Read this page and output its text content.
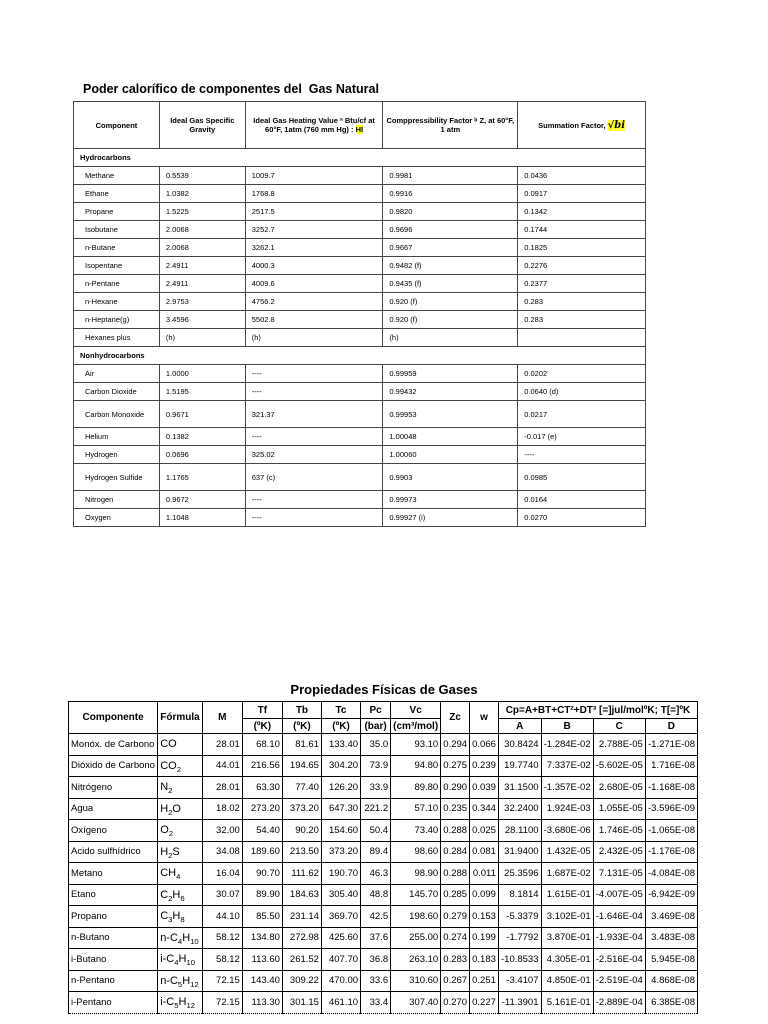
Poder calorífico de componentes del  Gas Natural
Component	Ideal Gas Specific Gravity	Ideal Gas Heating Value ª Btu/cf at 60°F, 1atm (760 mm Hg) : HI	Comppressibility Factor ᵇ Z, at 60°F, 1 atm	Summation Factor, √bi
Hydrocarbons				
Methane	0.5539	1009.7	0.9981	0.0436
Ethane	1.0382	1768.8	0.9916	0.0917
Propane	1.5225	2517.5	0.9820	0.1342
Isobutane	2.0068	3252.7	0.9696	0.1744
n-Butane	2.0068	3262.1	0.9667	0.1825
Isopentane	2.4911	4000.3	0.9482 (f)	0.2276
n-Pentane	2.4911	4009.6	0.9435 (f)	0.2377
n-Hexane	2.9753	4756.2	0.920 (f)	0.283
n-Heptane(g)	3.4596	5502.8	0.920 (f)	0.283
Hexanes plus	(h)	(h)	(h)	
Nonhydrocarbons				
Air	1.0000	----	0.99959	0.0202
Carbon Dioxide	1.5195	----	0.99432	0.0640 (d)
Carbon Monoxide	0.9671	321.37	0.99953	0.0217
Helium	0.1382	----	1.00048	-0.017 (e)
Hydrogen	0.0696	325.02	1.00060	----
Hydrogen Sulfide	1.1765	637 (c)	0.9903	0.0985
Nitrogen	0.9672	----	0.99973	0.0164
Oxygen	1.1048	----	0.99927 (i)	0.0270
Propiedades Físicas de Gases
Componente	Fórmula	M	Tf	Tb	Tc	Pc	Vc	Zc	w	Cp=A+BT+CT²+DT³ [=]jul/molºK; T[=]ºK			
			(ºK)	(ºK)	(ºK)	(bar)	(cm³/mol)			A	B	C	D
Monóx. de Carbono	CO	28.01	68.10	81.61	133.40	35.0	93.10	0.294	0.066	30.8424	-1.284E-02	2.788E-05	-1.271E-08
Dióxido de Carbono	$CO_2$	44.01	216.56	194.65	304.20	73.9	94.80	0.275	0.239	19.7740	7.337E-02	-5.602E-05	1.716E-08
Nitrógeno	$N_2$	28.01	63.30	77.40	126.20	33.9	89.80	0.290	0.039	31.1500	-1.357E-02	2.680E-05	-1.168E-08
Agua	$H_2O$	18.02	273.20	373.20	647.30	221.2	57.10	0.235	0.344	32.2400	1.924E-03	1.055E-05	-3.596E-09
Oxígeno	$O_2$	32.00	54.40	90.20	154.60	50.4	73.40	0.288	0.025	28.1100	-3.680E-06	1.746E-05	-1.065E-08
Acido sulfhídrico	$H_2S$	34.08	189.60	213.50	373.20	89.4	98.60	0.284	0.081	31.9400	1.432E-05	2.432E-05	-1.176E-08
Metano	$CH_4$	16.04	90.70	111.62	190.70	46.3	98.90	0.288	0.011	25.3596	1.687E-02	7.131E-05	-4.084E-08
Etano	$C_2H_6$	30.07	89.90	184.63	305.40	48.8	145.70	0.285	0.099	8.1814	1.615E-01	-4.007E-05	-6.942E-09
Propano	$C_3H_8$	44.10	85.50	231.14	369.70	42.5	198.60	0.279	0.153	-5.3379	3.102E-01	-1.646E-04	3.469E-08
n-Butano	$n-C_4H_{10}$	58.12	134.80	272.98	425.60	37.6	255.00	0.274	0.199	-1.7792	3.870E-01	-1.933E-04	3.483E-08
i-Butano	$i-C_4H_{10}$	58.12	113.60	261.52	407.70	36.8	263.10	0.283	0.183	-10.8533	4.305E-01	-2.516E-04	5.945E-08
n-Pentano	$n-C_5H_{12}$	72.15	143.40	309.22	470.00	33.6	310.60	0.267	0.251	-3.4107	4.850E-01	-2.519E-04	4.868E-08
i-Pentano	$i-C_5H_{12}$	72.15	113.30	301.15	461.10	33.4	307.40	0.270	0.227	-11.3901	5.161E-01	-2.889E-04	6.385E-08
